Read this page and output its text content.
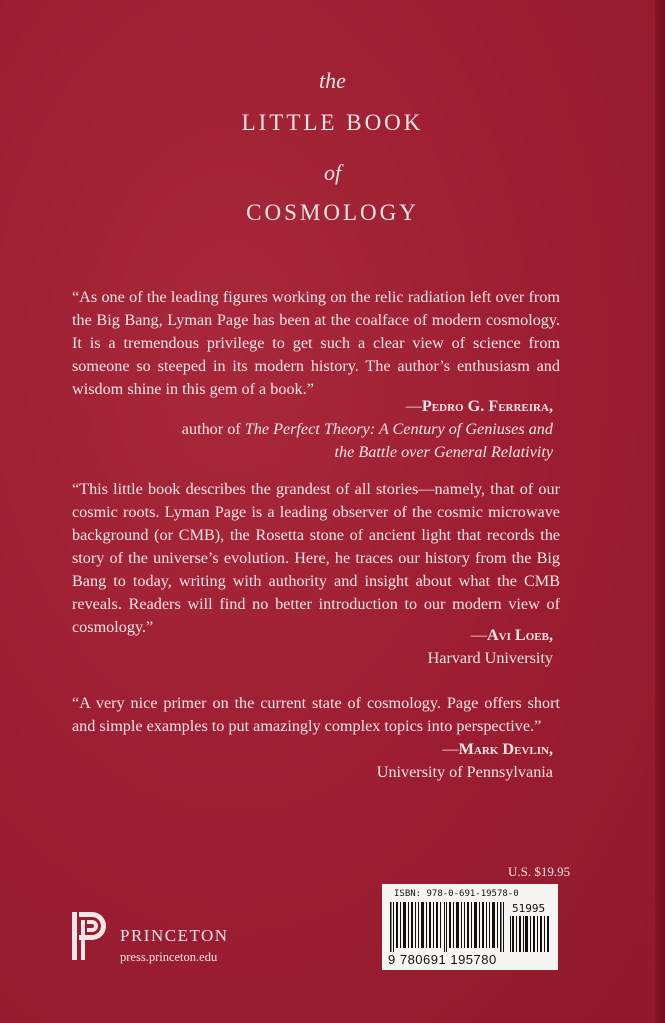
the
LITTLE BOOK
of
COSMOLOGY
“As one of the leading figures working on the relic radiation left over from the Big Bang, Lyman Page has been at the coalface of modern cosmology. It is a tremendous privilege to get such a clear view of science from someone so steeped in its modern history. The author’s enthusiasm and wisdom shine in this gem of a book.”
—Pedro G. Ferreira,
author of The Perfect Theory: A Century of Geniuses and
the Battle over General Relativity
“This little book describes the grandest of all stories—namely, that of our cosmic roots. Lyman Page is a leading observer of the cosmic microwave background (or CMB), the Rosetta stone of ancient light that records the story of the universe’s evolution. Here, he traces our history from the Big Bang to today, writing with authority and insight about what the CMB reveals. Readers will find no better introduction to our modern view of cosmology.”	—Avi Loeb,
Harvard University
“A very nice primer on the current state of cosmology. Page offers short and simple examples to put amazingly complex topics into perspective.”
—Mark Devlin,
University of Pennsylvania
U.S. $19.95
ISBN: 978-0-691-19578-0
51995
9 780691 195780
PRINCETON
press.princeton.edu
